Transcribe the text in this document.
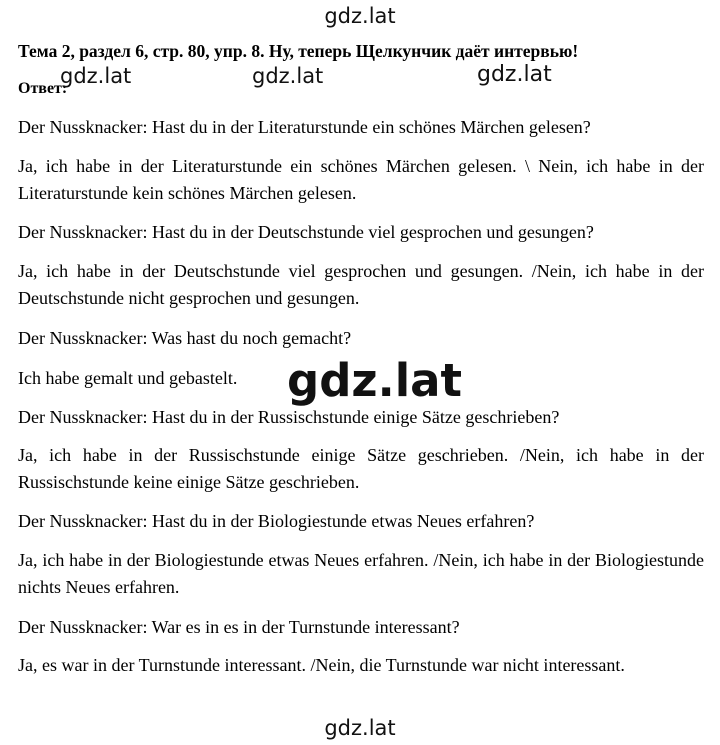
gdz.lat
Тема 2, раздел 6, стр. 80, упр. 8. Ну, теперь Щелкунчик даёт интервью!
Ответ:
gdz.lat	gdz.lat	gdz.lat

Der Nussknacker: Hast du in der Literaturstunde ein schönes Märchen gelesen?

Ja, ich habe in der Literaturstunde ein schönes Märchen gelesen. \ Nein, ich habe in der Literaturstunde kein schönes Märchen gelesen.

Der Nussknacker: Hast du in der Deutschstunde viel gesprochen und gesungen?

Ja, ich habe in der Deutschstunde viel gesprochen und gesungen. /Nein, ich habe in der Deutschstunde nicht gesprochen und gesungen.

Der Nussknacker: Was hast du noch gemacht?

Ich habe gemalt und gebastelt.

Der Nussknacker: Hast du in der Russischstunde einige Sätze geschrieben?

Ja, ich habe in der Russischstunde einige Sätze geschrieben. /Nein, ich habe in der Russischstunde keine einige Sätze geschrieben.

Der Nussknacker: Hast du in der Biologiestunde etwas Neues erfahren?

Ja, ich habe in der Biologiestunde etwas Neues erfahren. /Nein, ich habe in der Biologiestunde nichts Neues erfahren.

Der Nussknacker: War es in es in der Turnstunde interessant?

Ja, es war in der Turnstunde interessant. /Nein, die Turnstunde war nicht interessant.

gdz.lat
gdz.lat
